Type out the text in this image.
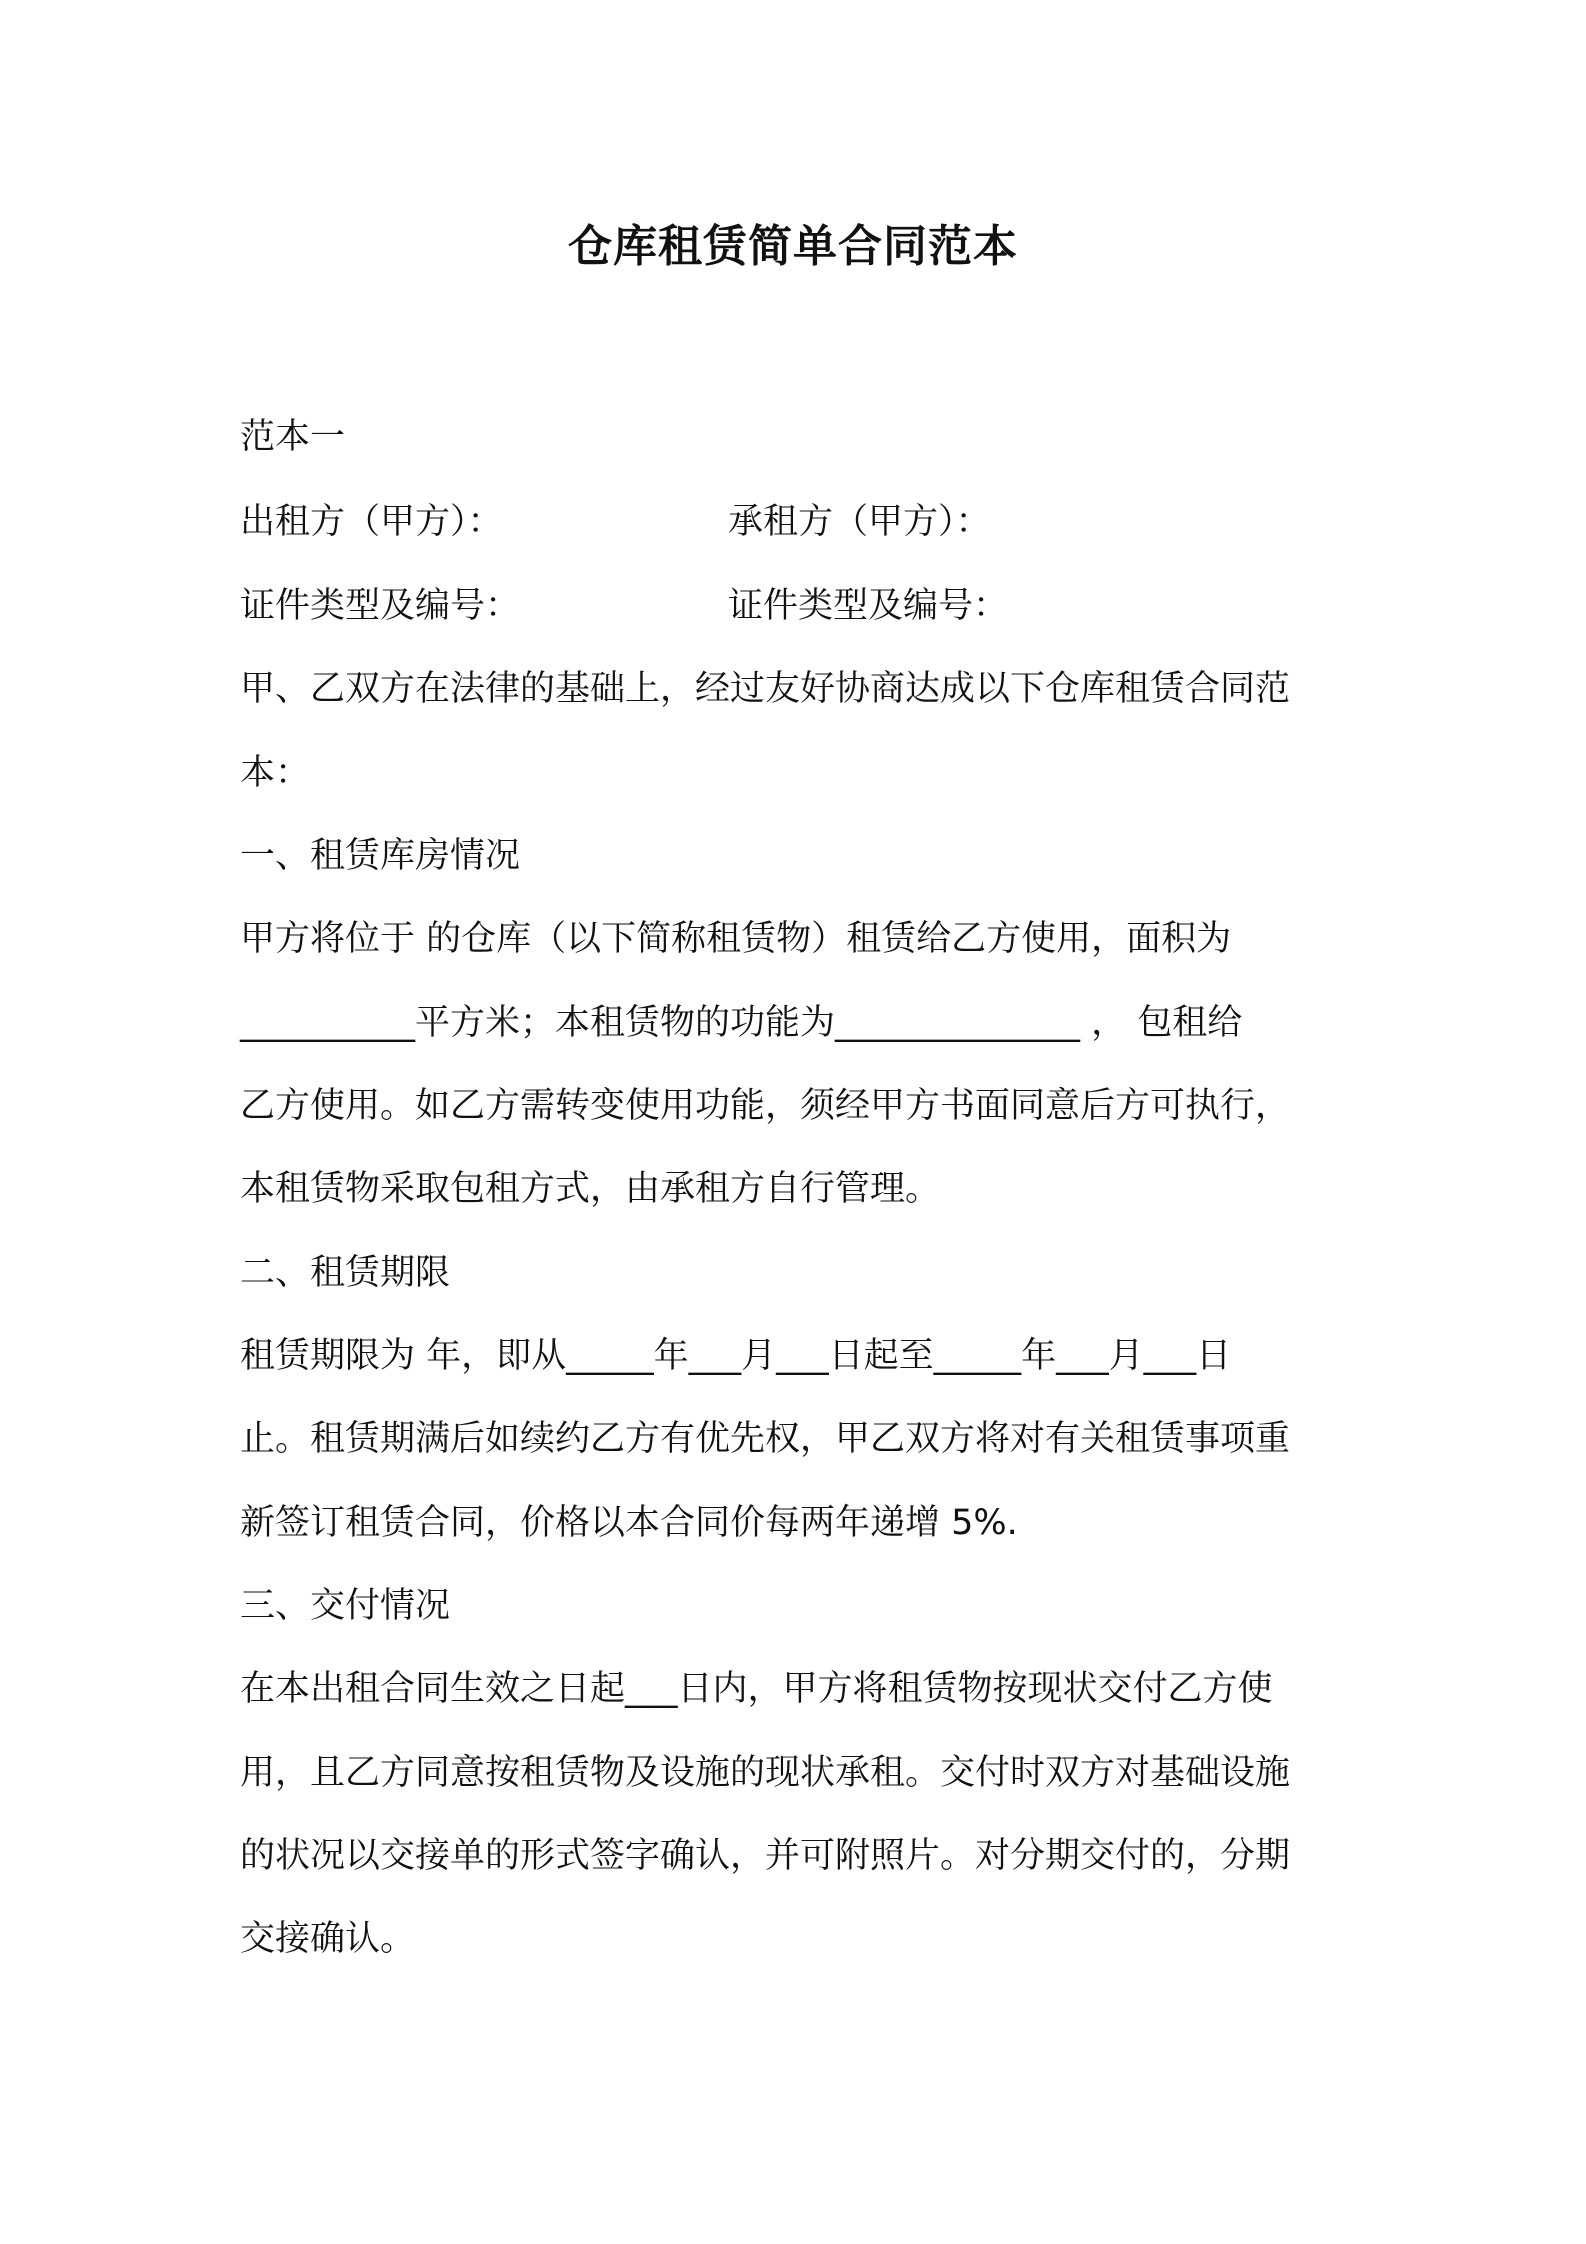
仓库租赁简单合同范本
范本一
出租方（甲方）：	承租方（甲方）：
证件类型及编号：	证件类型及编号：
甲、乙双方在法律的基础上，经过友好协商达成以下仓库租赁合同范
本：
一、租赁库房情况
甲方将位于 的仓库（以下简称租赁物）租赁给乙方使用，面积为
__________平方米；本租赁物的功能为______________ ， 包租给
乙方使用。如乙方需转变使用功能，须经甲方书面同意后方可执行，
本租赁物采取包租方式，由承租方自行管理。
二、租赁期限
租赁期限为 年，即从_____年___月___日起至_____年___月___日
止。租赁期满后如续约乙方有优先权，甲乙双方将对有关租赁事项重
新签订租赁合同，价格以本合同价每两年递增 5%.
三、交付情况
在本出租合同生效之日起___日内，甲方将租赁物按现状交付乙方使
用，且乙方同意按租赁物及设施的现状承租。交付时双方对基础设施
的状况以交接单的形式签字确认，并可附照片。对分期交付的，分期
交接确认。
